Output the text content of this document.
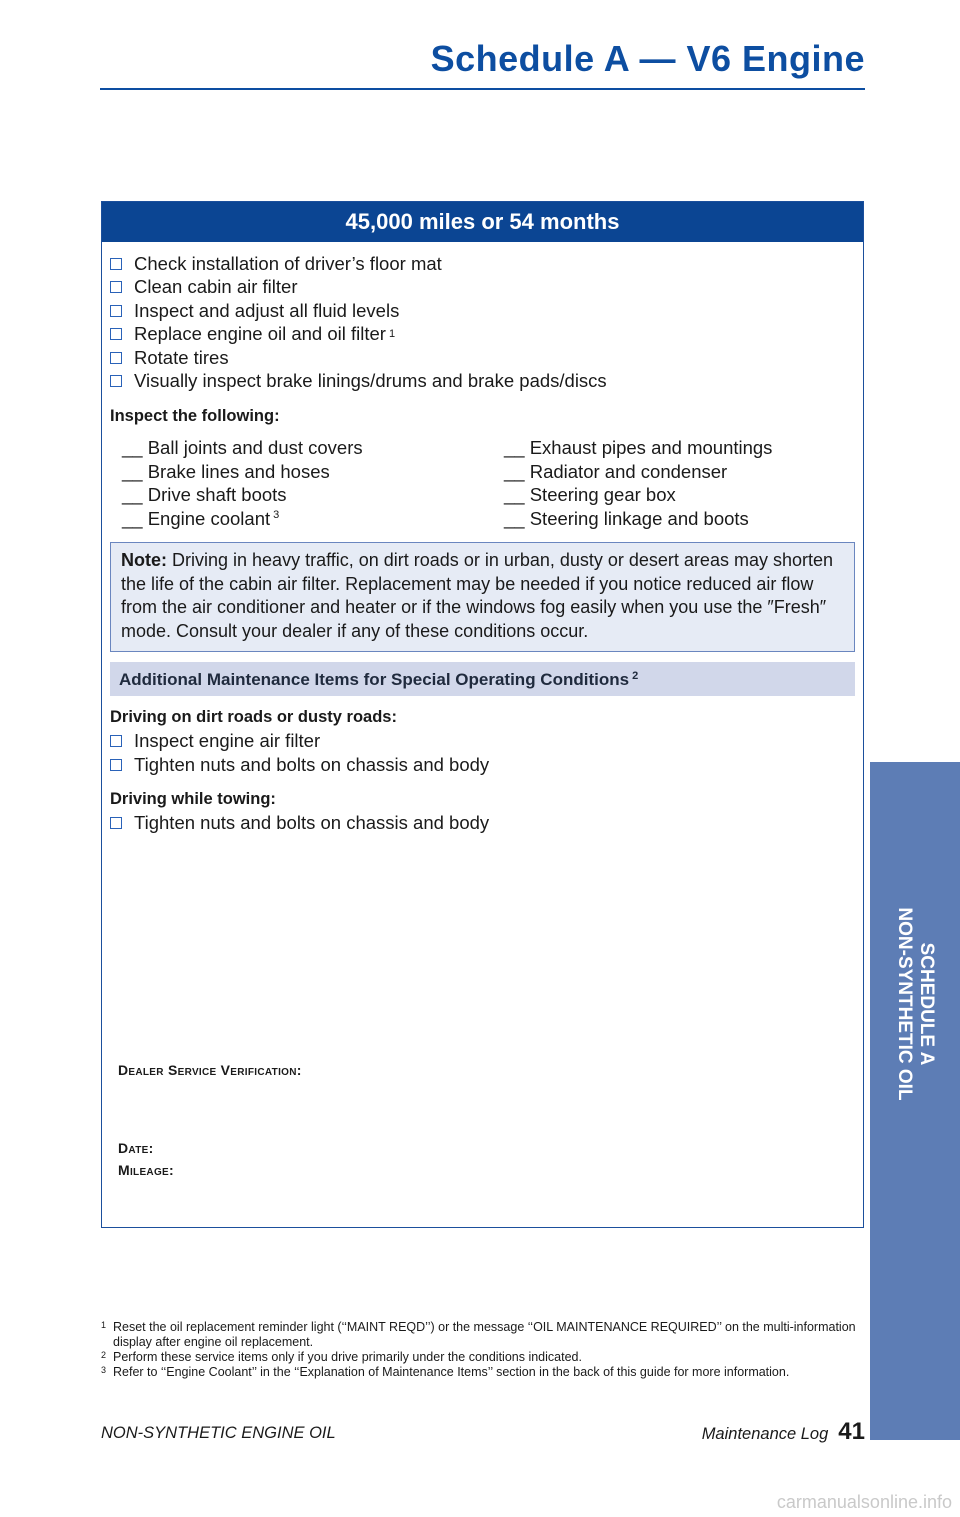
Schedule A — V6 Engine
45,000 miles or 54 months
Check installation of driver’s floor mat
Clean cabin air filter
Inspect and adjust all fluid levels
Replace engine oil and oil filter 1
Rotate tires
Visually inspect brake linings/drums and brake pads/discs
Inspect the following:
__ Ball joints and dust covers
__ Brake lines and hoses
__ Drive shaft boots
__ Engine coolant $^3$
__ Exhaust pipes and mountings
__ Radiator and condenser
__ Steering gear box
__ Steering linkage and boots
Note: Driving in heavy traffic, on dirt roads or in urban, dusty or desert areas may shorten the life of the cabin air filter. Replacement may be needed if you notice reduced air flow from the air conditioner and heater or if the windows fog easily when you use the ″Fresh″ mode. Consult your dealer if any of these conditions occur.
Additional Maintenance Items for Special Operating Conditions $^2$
Driving on dirt roads or dusty roads:
Inspect engine air filter
Tighten nuts and bolts on chassis and body
Driving while towing:
Tighten nuts and bolts on chassis and body
Dealer Service Verification:
Date:
Mileage:
1 Reset the oil replacement reminder light (‘‘MAINT REQD’’) or the message ‘‘OIL MAINTENANCE REQUIRED’’ on the multi-information display after engine oil replacement.
2 Perform these service items only if you drive primarily under the conditions indicated.
3 Refer to ‘‘Engine Coolant’’ in the ‘‘Explanation of Maintenance Items’’ section in the back of this guide for more information.
NON-SYNTHETIC ENGINE OIL	Maintenance Log 41
SCHEDULE A
NON-SYNTHETIC OIL
carmanualsonline.info
